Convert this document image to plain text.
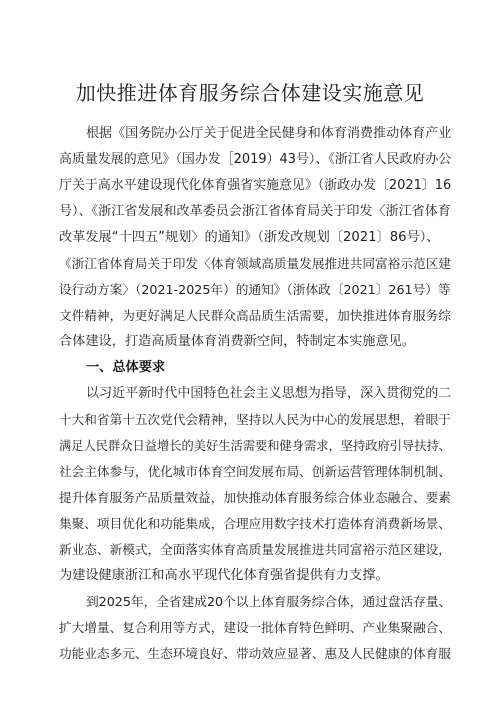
加快推进体育服务综合体建设实施意见
根据《国务院办公厅关于促进全民健身和体育消费推动体育产业
高质量发展的意见》（国办发［2019）43号）、《浙江省人民政府办公
厅关于高水平建设现代化体育强省实施意见》（浙政办发〔2021〕16
号）、《浙江省发展和改革委员会浙江省体育局关于印发〈浙江省体育
改革发展“十四五”规划〉的通知》（浙发改规划〔2021〕86号）、
《浙江省体育局关于印发〈体育领域高质量发展推进共同富裕示范区建
设行动方案〉（2021-2025年）的通知》（浙体政〔2021〕261号）等
文件精神，为更好满足人民群众高品质生活需要，加快推进体育服务综
合体建设，打造高质量体育消费新空间，特制定本实施意见。
一、总体要求
以习近平新时代中国特色社会主义思想为指导，深入贯彻党的二
十大和省第十五次党代会精神，坚持以人民为中心的发展思想，着眼于
满足人民群众日益增长的美好生活需要和健身需求，坚持政府引导扶持、
社会主体参与，优化城市体育空间发展布局、创新运营管理体制机制、
提升体育服务产品质量效益，加快推动体育服务综合体业态融合、要素
集聚、项目优化和功能集成，合理应用数字技术打造体育消费新场景、
新业态、新模式，全面落实体育高质量发展推进共同富裕示范区建设，
为建设健康浙江和高水平现代化体育强省提供有力支撑。
到2025年，全省建成20个以上体育服务综合体，通过盘活存量、
扩大增量、复合利用等方式，建设一批体育特色鲜明、产业集聚融合、
功能业态多元、生态环境良好、带动效应显著、惠及人民健康的体育服
